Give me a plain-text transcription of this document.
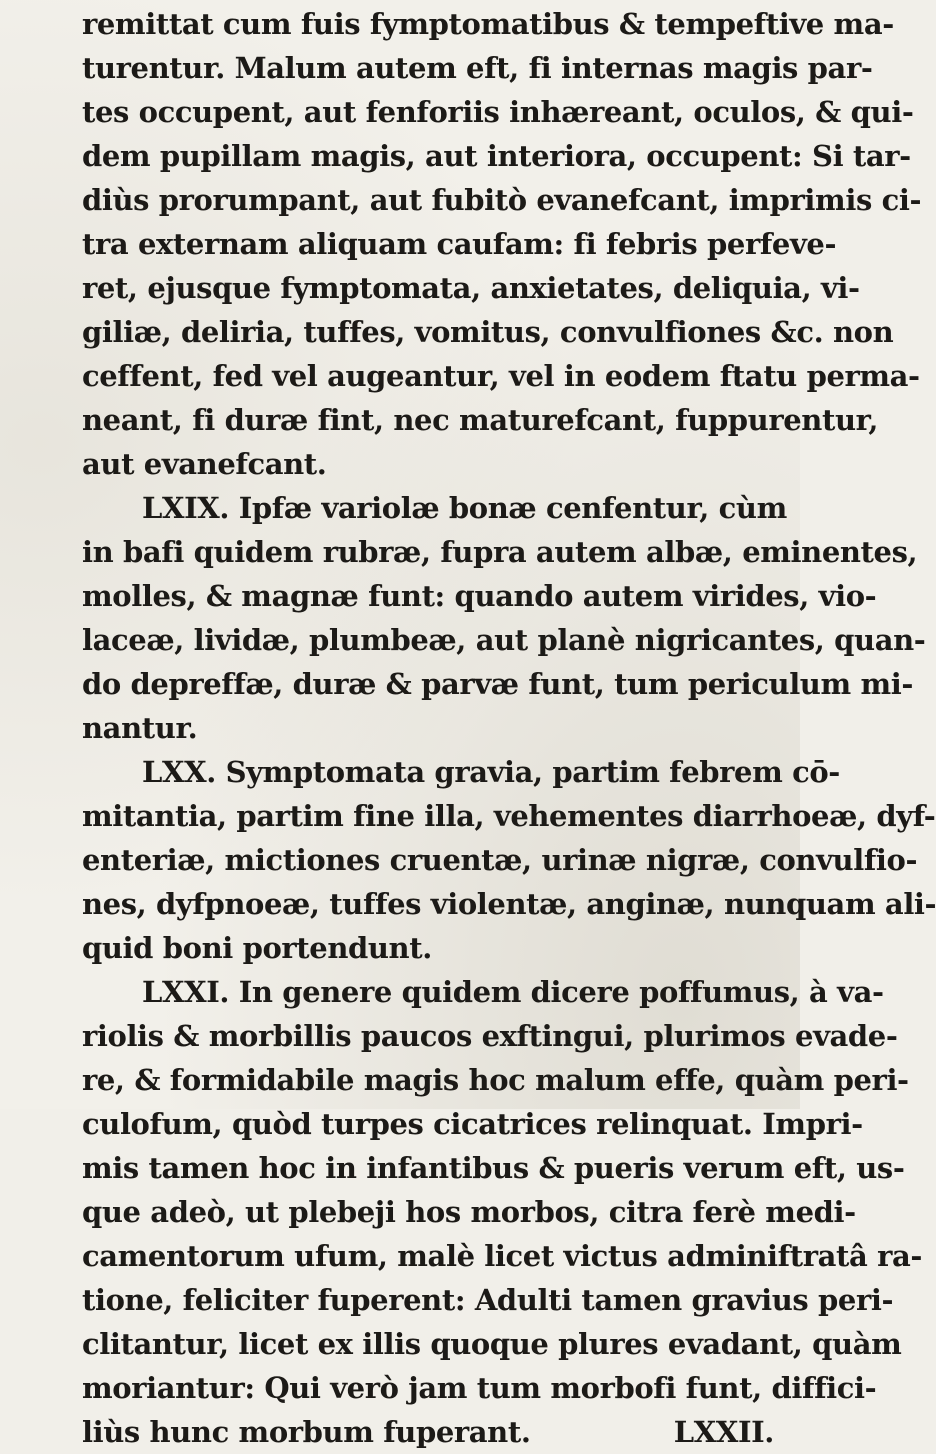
remittat cum fuis fymptomatibus & tempeftive ma-
turentur. Malum autem eft, fi internas magis par-
tes occupent, aut fenforiis inhæreant, oculos, & qui-
dem pupillam magis, aut interiora, occupent: Si tar-
diùs prorumpant, aut fubitò evanefcant, imprimis ci-
tra externam aliquam caufam: fi febris perfeve-
ret, ejusque fymptomata, anxietates, deliquia, vi-
giliæ, deliria, tuffes, vomitus, convulfiones &c. non
ceffent, fed vel augeantur, vel in eodem ftatu perma-
neant, fi duræ fint, nec maturefcant, fuppurentur,
aut evanefcant.
LXIX. Ipfæ variolæ bonæ cenfentur, cùm
in bafi quidem rubræ, fupra autem albæ, eminentes,
molles, & magnæ funt: quando autem virides, vio-
laceæ, lividæ, plumbeæ, aut planè nigricantes, quan-
do depreffæ, duræ & parvæ funt, tum periculum mi-
nantur.
LXX. Symptomata gravia, partim febrem cō-
mitantia, partim fine illa, vehementes diarrhoeæ, dyf-
enteriæ, mictiones cruentæ, urinæ nigræ, convulfio-
nes, dyfpnoeæ, tuffes violentæ, anginæ, nunquam ali-
quid boni portendunt.
LXXI. In genere quidem dicere poffumus, à va-
riolis & morbillis paucos exftingui, plurimos evade-
re, & formidabile magis hoc malum effe, quàm peri-
culofum, quòd turpes cicatrices relinquat. Impri-
mis tamen hoc in infantibus & pueris verum eft, us-
que adeò, ut plebeji hos morbos, citra ferè medi-
camentorum ufum, malè licet victus adminiftratâ ra-
tione, feliciter fuperent: Adulti tamen gravius peri-
clitantur, licet ex illis quoque plures evadant, quàm
moriantur: Qui verò jam tum morbofi funt, diffici-
liùs hunc morbum fuperant.	LXXII.
